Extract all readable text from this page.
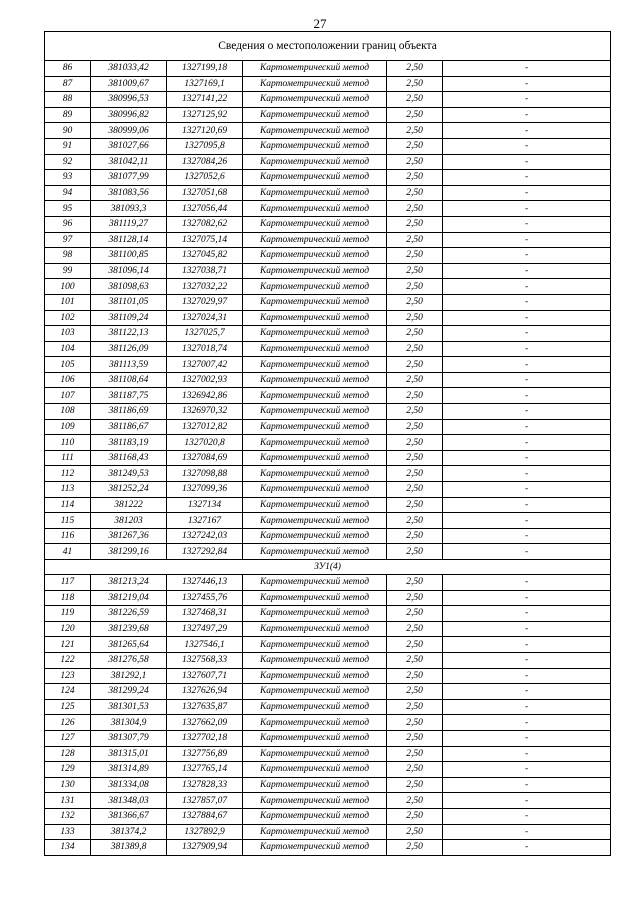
27
Сведения о местоположении границ объекта					
86	381033,42	1327199,18	Картометрический метод	2,50	-
87	381009,67	1327169,1	Картометрический метод	2,50	-
88	380996,53	1327141,22	Картометрический метод	2,50	-
89	380996,82	1327125,92	Картометрический метод	2,50	-
90	380999,06	1327120,69	Картометрический метод	2,50	-
91	381027,66	1327095,8	Картометрический метод	2,50	-
92	381042,11	1327084,26	Картометрический метод	2,50	-
93	381077,99	1327052,6	Картометрический метод	2,50	-
94	381083,56	1327051,68	Картометрический метод	2,50	-
95	381093,3	1327056,44	Картометрический метод	2,50	-
96	381119,27	1327082,62	Картометрический метод	2,50	-
97	381128,14	1327075,14	Картометрический метод	2,50	-
98	381100,85	1327045,82	Картометрический метод	2,50	-
99	381096,14	1327038,71	Картометрический метод	2,50	-
100	381098,63	1327032,22	Картометрический метод	2,50	-
101	381101,05	1327029,97	Картометрический метод	2,50	-
102	381109,24	1327024,31	Картометрический метод	2,50	-
103	381122,13	1327025,7	Картометрический метод	2,50	-
104	381126,09	1327018,74	Картометрический метод	2,50	-
105	381113,59	1327007,42	Картометрический метод	2,50	-
106	381108,64	1327002,93	Картометрический метод	2,50	-
107	381187,75	1326942,86	Картометрический метод	2,50	-
108	381186,69	1326970,32	Картометрический метод	2,50	-
109	381186,67	1327012,82	Картометрический метод	2,50	-
110	381183,19	1327020,8	Картометрический метод	2,50	-
111	381168,43	1327084,69	Картометрический метод	2,50	-
112	381249,53	1327098,88	Картометрический метод	2,50	-
113	381252,24	1327099,36	Картометрический метод	2,50	-
114	381222	1327134	Картометрический метод	2,50	-
115	381203	1327167	Картометрический метод	2,50	-
116	381267,36	1327242,03	Картометрический метод	2,50	-
41	381299,16	1327292,84	Картометрический метод	2,50	-
ЗУ1(4)					
117	381213,24	1327446,13	Картометрический метод	2,50	-
118	381219,04	1327455,76	Картометрический метод	2,50	-
119	381226,59	1327468,31	Картометрический метод	2,50	-
120	381239,68	1327497,29	Картометрический метод	2,50	-
121	381265,64	1327546,1	Картометрический метод	2,50	-
122	381276,58	1327568,33	Картометрический метод	2,50	-
123	381292,1	1327607,71	Картометрический метод	2,50	-
124	381299,24	1327626,94	Картометрический метод	2,50	-
125	381301,53	1327635,87	Картометрический метод	2,50	-
126	381304,9	1327662,09	Картометрический метод	2,50	-
127	381307,79	1327702,18	Картометрический метод	2,50	-
128	381315,01	1327756,89	Картометрический метод	2,50	-
129	381314,89	1327765,14	Картометрический метод	2,50	-
130	381334,08	1327828,33	Картометрический метод	2,50	-
131	381348,03	1327857,07	Картометрический метод	2,50	-
132	381366,67	1327884,67	Картометрический метод	2,50	-
133	381374,2	1327892,9	Картометрический метод	2,50	-
134	381389,8	1327909,94	Картометрический метод	2,50	-
